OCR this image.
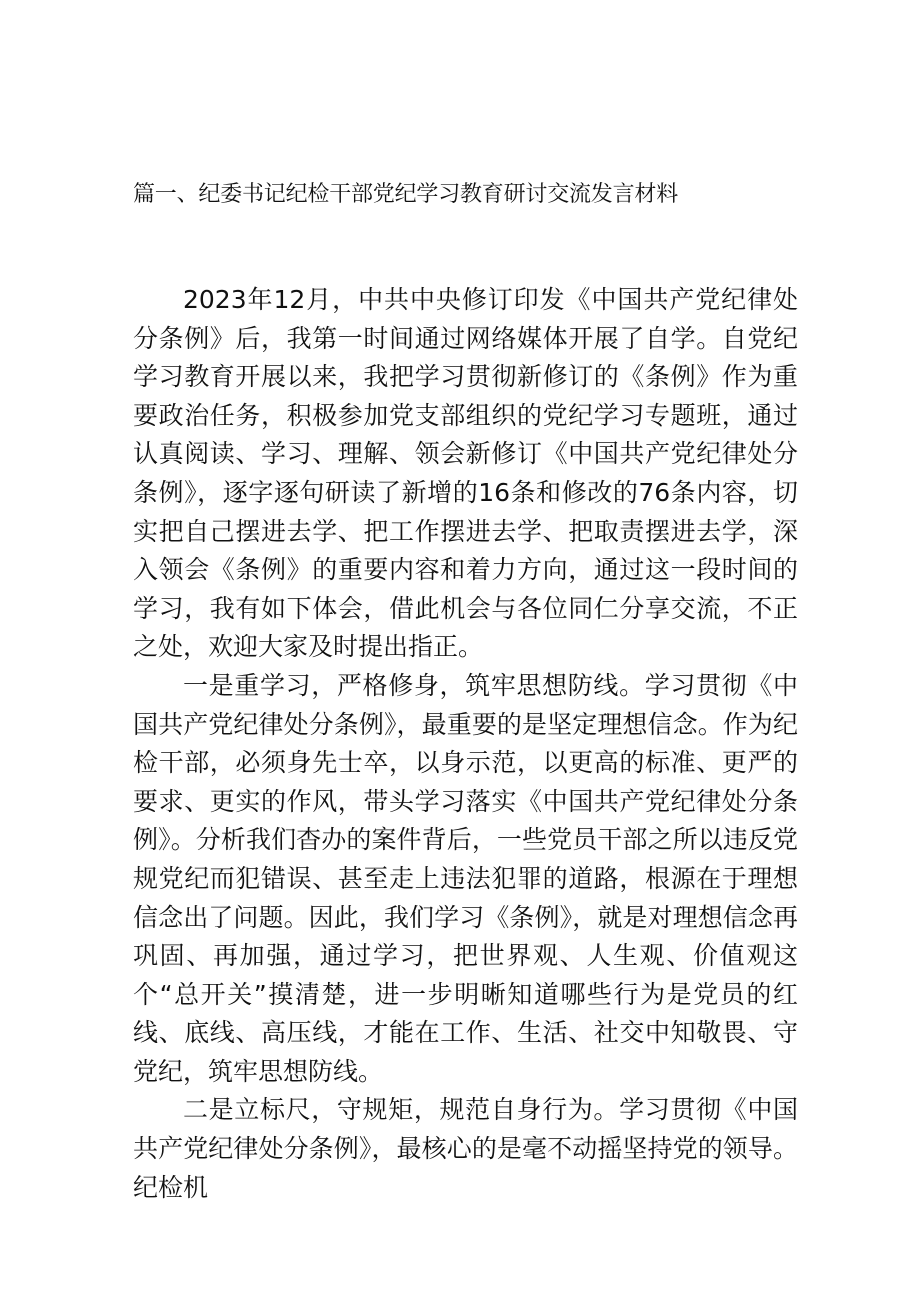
篇一、纪委书记纪检干部党纪学习教育研讨交流发言材料

2023年12月，中共中央修订印发《中国共产党纪律处分条例》后，我第一时间通过网络媒体开展了自学。自党纪学习教育开展以来，我把学习贯彻新修订的《条例》作为重要政治任务，积极参加党支部组织的党纪学习专题班，通过认真阅读、学习、理解、领会新修订《中国共产党纪律处分条例》，逐字逐句研读了新增的16条和修改的76条内容，切实把自己摆进去学、把工作摆进去学、把取责摆进去学，深入领会《条例》的重要内容和着力方向，通过这一段时间的学习，我有如下体会，借此机会与各位同仁分享交流，不正之处，欢迎大家及时提出指正。

一是重学习，严格修身，筑牢思想防线。学习贯彻《中国共产党纪律处分条例》，最重要的是坚定理想信念。作为纪检干部，必须身先士卒，以身示范，以更高的标准、更严的要求、更实的作风，带头学习落实《中国共产党纪律处分条例》。分析我们杳办的案件背后，一些党员干部之所以违反党规党纪而犯错误、甚至走上违法犯罪的道路，根源在于理想信念出了问题。因此，我们学习《条例》，就是对理想信念再巩固、再加强，通过学习，把世界观、人生观、价值观这个“总开关”摸清楚，进一步明晰知道哪些行为是党员的红线、底线、高压线，才能在工作、生活、社交中知敬畏、守党纪，筑牢思想防线。

二是立标尺，守规矩，规范自身行为。学习贯彻《中国共产党纪律处分条例》，最核心的是毫不动摇坚持党的领导。纪检机
